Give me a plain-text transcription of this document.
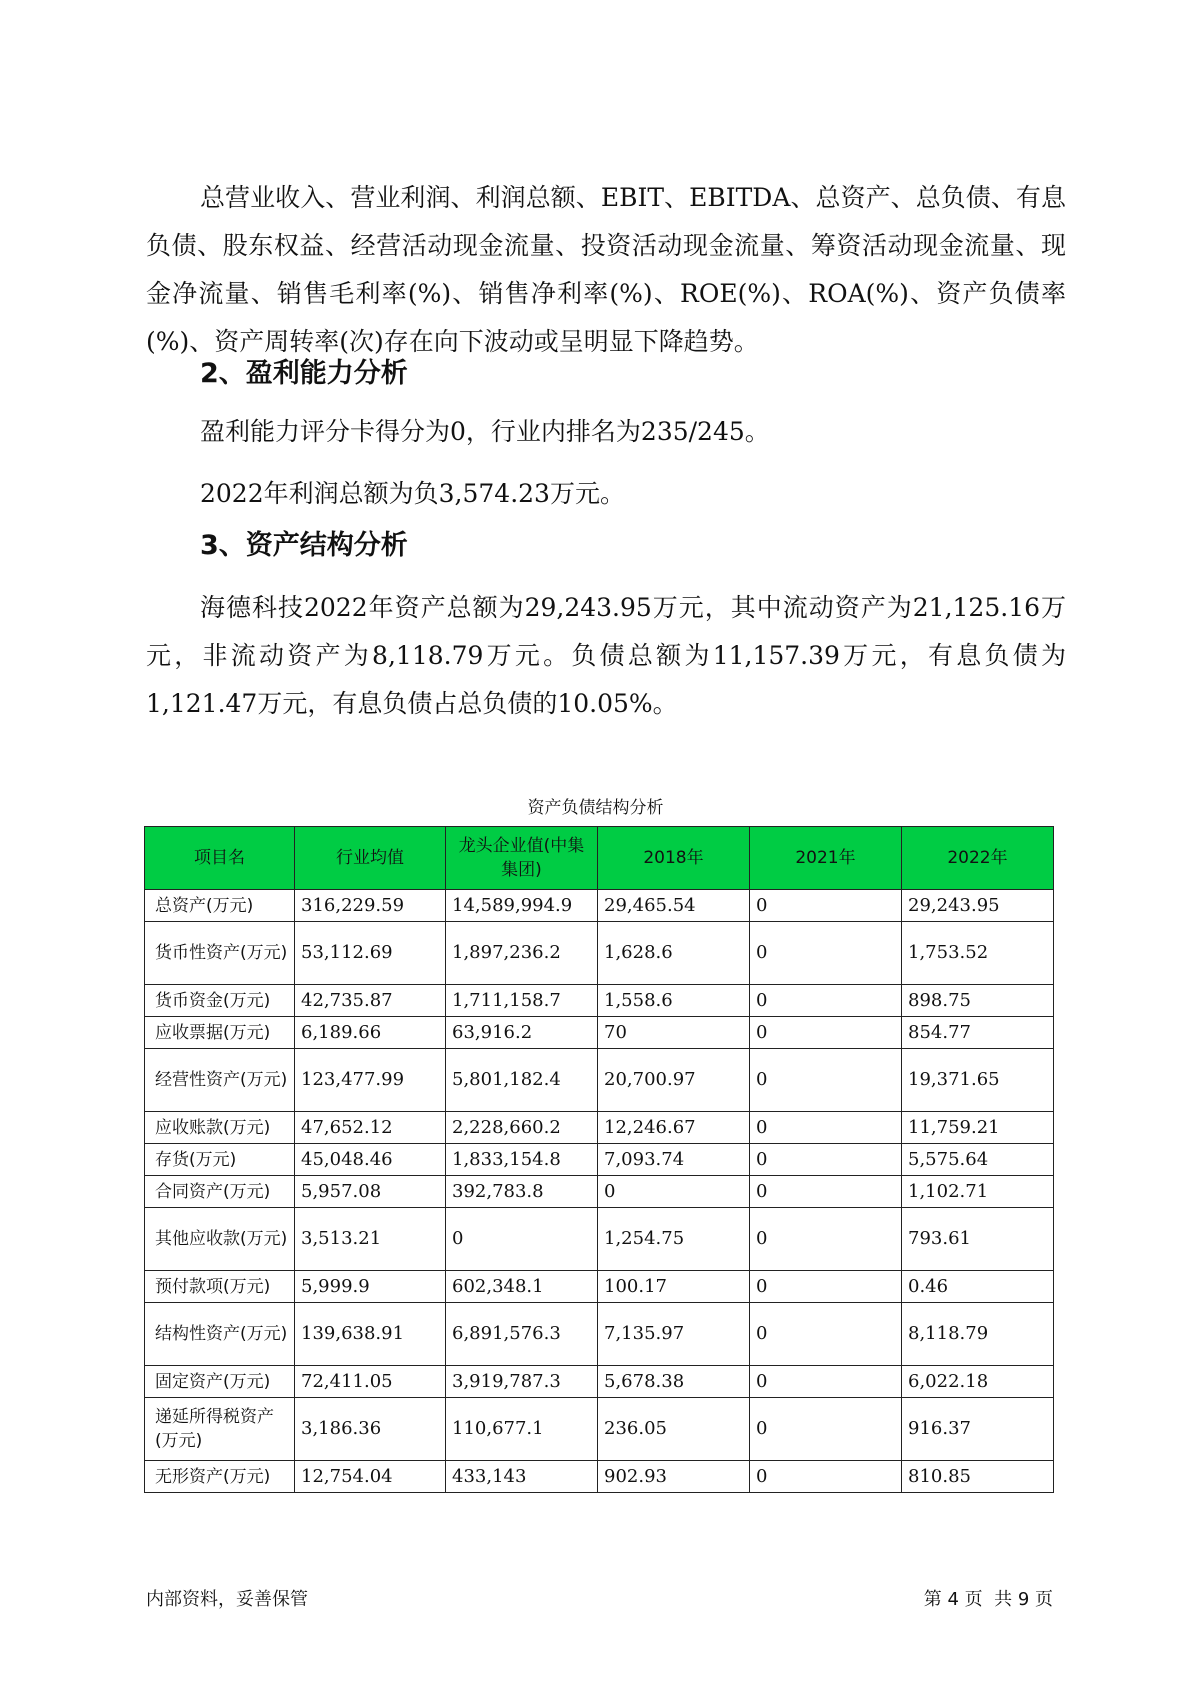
总营业收入、营业利润、利润总额、EBIT、EBITDA、总资产、总负债、有息负债、股东权益、经营活动现金流量、投资活动现金流量、筹资活动现金流量、现金净流量、销售毛利率(%)、销售净利率(%)、ROE(%)、ROA(%)、资产负债率(%)、资产周转率(次)存在向下波动或呈明显下降趋势。

2、盈利能力分析

盈利能力评分卡得分为0，行业内排名为235/245。

2022年利润总额为负3,574.23万元。

3、资产结构分析

海德科技2022年资产总额为29,243.95万元，其中流动资产为21,125.16万元，非流动资产为8,118.79万元。负债总额为11,157.39万元，有息负债为1,121.47万元，有息负债占总负债的10.05%。

资产负债结构分析
项目名	行业均值	龙头企业值(中集集团)	2018年	2021年	2022年
总资产(万元)	316,229.59	14,589,994.9	29,465.54	0	29,243.95
货币性资产(万元)	53,112.69	1,897,236.2	1,628.6	0	1,753.52
货币资金(万元)	42,735.87	1,711,158.7	1,558.6	0	898.75
应收票据(万元)	6,189.66	63,916.2	70	0	854.77
经营性资产(万元)	123,477.99	5,801,182.4	20,700.97	0	19,371.65
应收账款(万元)	47,652.12	2,228,660.2	12,246.67	0	11,759.21
存货(万元)	45,048.46	1,833,154.8	7,093.74	0	5,575.64
合同资产(万元)	5,957.08	392,783.8	0	0	1,102.71
其他应收款(万元)	3,513.21	0	1,254.75	0	793.61
预付款项(万元)	5,999.9	602,348.1	100.17	0	0.46
结构性资产(万元)	139,638.91	6,891,576.3	7,135.97	0	8,118.79
固定资产(万元)	72,411.05	3,919,787.3	5,678.38	0	6,022.18
递延所得税资产(万元)	3,186.36	110,677.1	236.05	0	916.37
无形资产(万元)	12,754.04	433,143	902.93	0	810.85
内部资料，妥善保管	第 4 页  共 9 页
